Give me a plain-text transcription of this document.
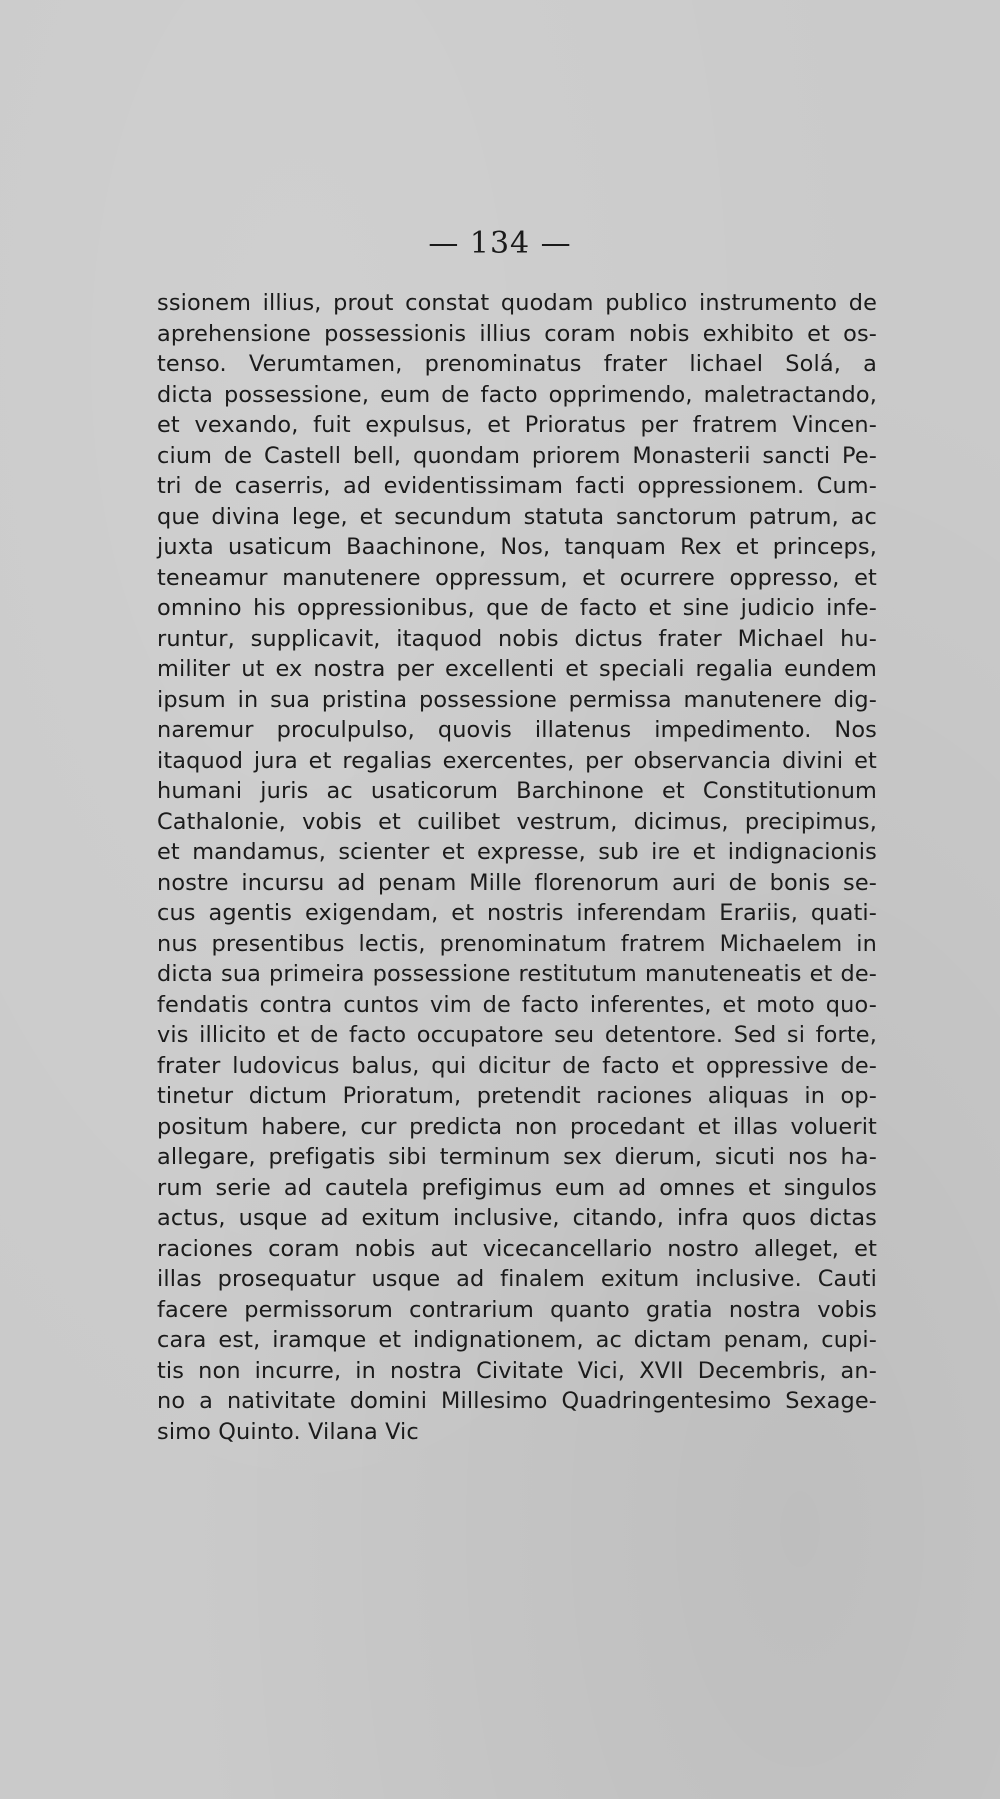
— 134 —
ssionem illius, prout constat quodam publico instrumento de
aprehensione possessionis illius coram nobis exhibito et os-
tenso. Verumtamen, prenominatus frater lichael Solá, a
dicta possessione, eum de facto opprimendo, maletractando,
et vexando, fuit expulsus, et Prioratus per fratrem Vincen-
cium de Castell bell, quondam priorem Monasterii sancti Pe-
tri de caserris, ad evidentissimam facti oppressionem. Cum-
que divina lege, et secundum statuta sanctorum patrum, ac
juxta usaticum Baachinone, Nos, tanquam Rex et princeps,
teneamur manutenere oppressum, et ocurrere oppresso, et
omnino his oppressionibus, que de facto et sine judicio infe-
runtur, supplicavit, itaquod nobis dictus frater Michael hu-
militer ut ex nostra per excellenti et speciali regalia eundem
ipsum in sua pristina possessione permissa manutenere dig-
naremur proculpulso, quovis illatenus impedimento. Nos
itaquod jura et regalias exercentes, per observancia divini et
humani juris ac usaticorum Barchinone et Constitutionum
Cathalonie, vobis et cuilibet vestrum, dicimus, precipimus,
et mandamus, scienter et expresse, sub ire et indignacionis
nostre incursu ad penam Mille florenorum auri de bonis se-
cus agentis exigendam, et nostris inferendam Erariis, quati-
nus presentibus lectis, prenominatum fratrem Michaelem in
dicta sua primeira possessione restitutum manuteneatis et de-
fendatis contra cuntos vim de facto inferentes, et moto quo-
vis illicito et de facto occupatore seu detentore. Sed si forte,
frater ludovicus balus, qui dicitur de facto et oppressive de-
tinetur dictum Prioratum, pretendit raciones aliquas in op-
positum habere, cur predicta non procedant et illas voluerit
allegare, prefigatis sibi terminum sex dierum, sicuti nos ha-
rum serie ad cautela prefigimus eum ad omnes et singulos
actus, usque ad exitum inclusive, citando, infra quos dictas
raciones coram nobis aut vicecancellario nostro alleget, et
illas prosequatur usque ad finalem exitum inclusive. Cauti
facere permissorum contrarium quanto gratia nostra vobis
cara est, iramque et indignationem, ac dictam penam, cupi-
tis non incurre, in nostra Civitate Vici, XVII Decembris, an-
no a nativitate domini Millesimo Quadringentesimo Sexage-
simo Quinto. Vilana Vic
